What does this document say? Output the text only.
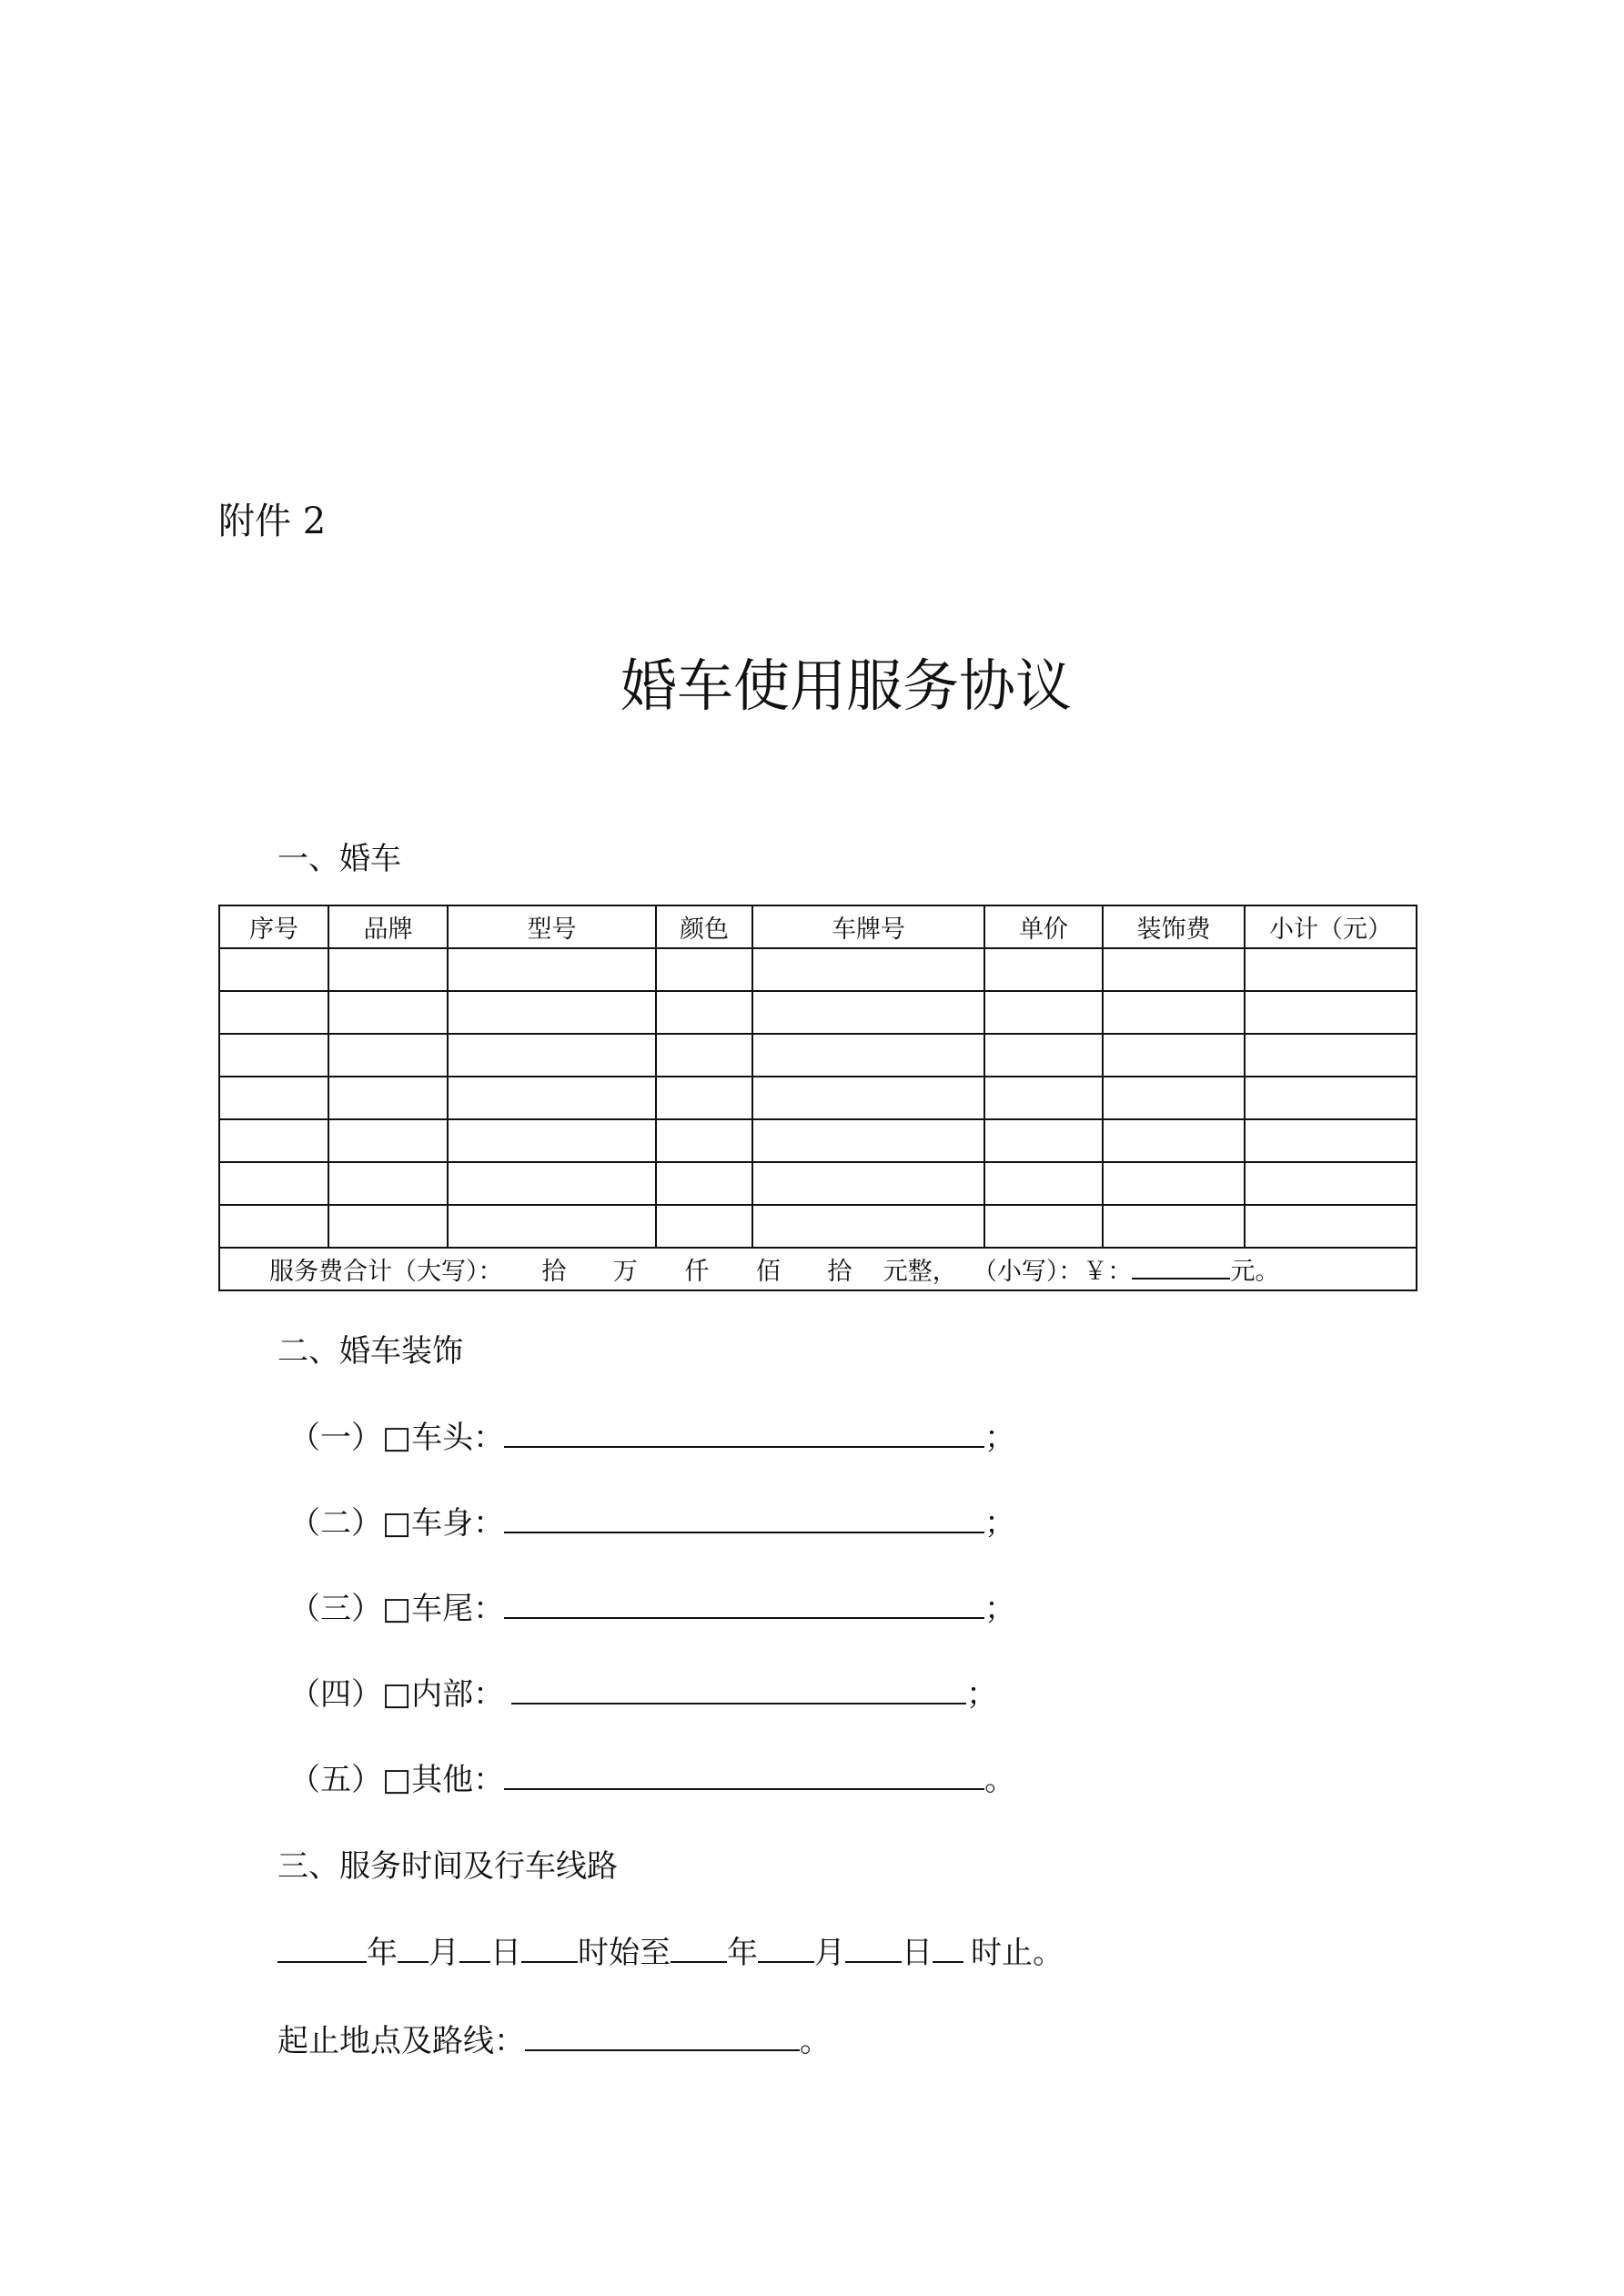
附件 2
婚车使用服务协议
一、婚车
序号	品牌	型号	颜色	车牌号	单价	装饰费	小计（元）

服务费合计（大写）： 拾 万 仟 佰 拾 元整， （小写）：￥： 元。							
二、婚车装饰
（一）□车头：	；
（二）□车身：	；
（三）□车尾：	；
（四）□内部：	；
（五）□其他：	。
三、服务时间及行车线路
年 月 日 时始至 年 月 日 时止。
起止地点及路线：	。
